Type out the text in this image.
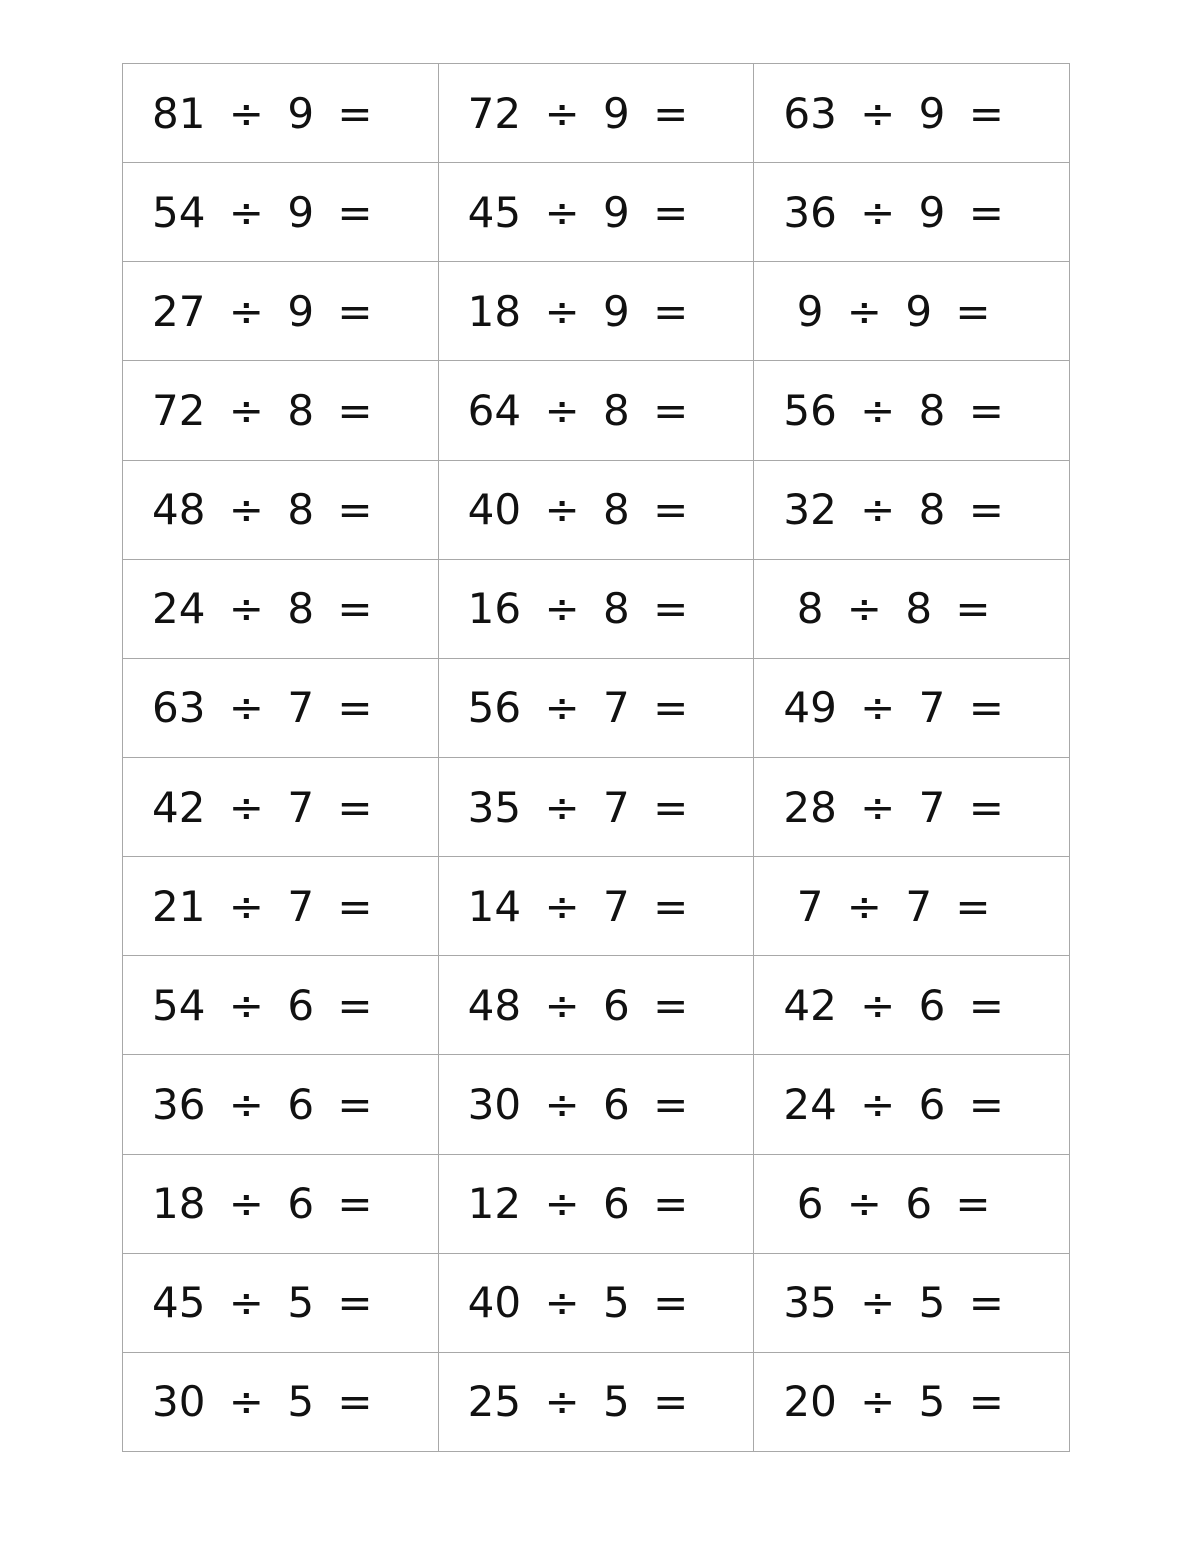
81 ÷ 9 =	72 ÷ 9 =	63 ÷ 9 =
54 ÷ 9 =	45 ÷ 9 =	36 ÷ 9 =
27 ÷ 9 =	18 ÷ 9 =	9 ÷ 9 =
72 ÷ 8 =	64 ÷ 8 =	56 ÷ 8 =
48 ÷ 8 =	40 ÷ 8 =	32 ÷ 8 =
24 ÷ 8 =	16 ÷ 8 =	8 ÷ 8 =
63 ÷ 7 =	56 ÷ 7 =	49 ÷ 7 =
42 ÷ 7 =	35 ÷ 7 =	28 ÷ 7 =
21 ÷ 7 =	14 ÷ 7 =	7 ÷ 7 =
54 ÷ 6 =	48 ÷ 6 =	42 ÷ 6 =
36 ÷ 6 =	30 ÷ 6 =	24 ÷ 6 =
18 ÷ 6 =	12 ÷ 6 =	6 ÷ 6 =
45 ÷ 5 =	40 ÷ 5 =	35 ÷ 5 =
30 ÷ 5 =	25 ÷ 5 =	20 ÷ 5 =
